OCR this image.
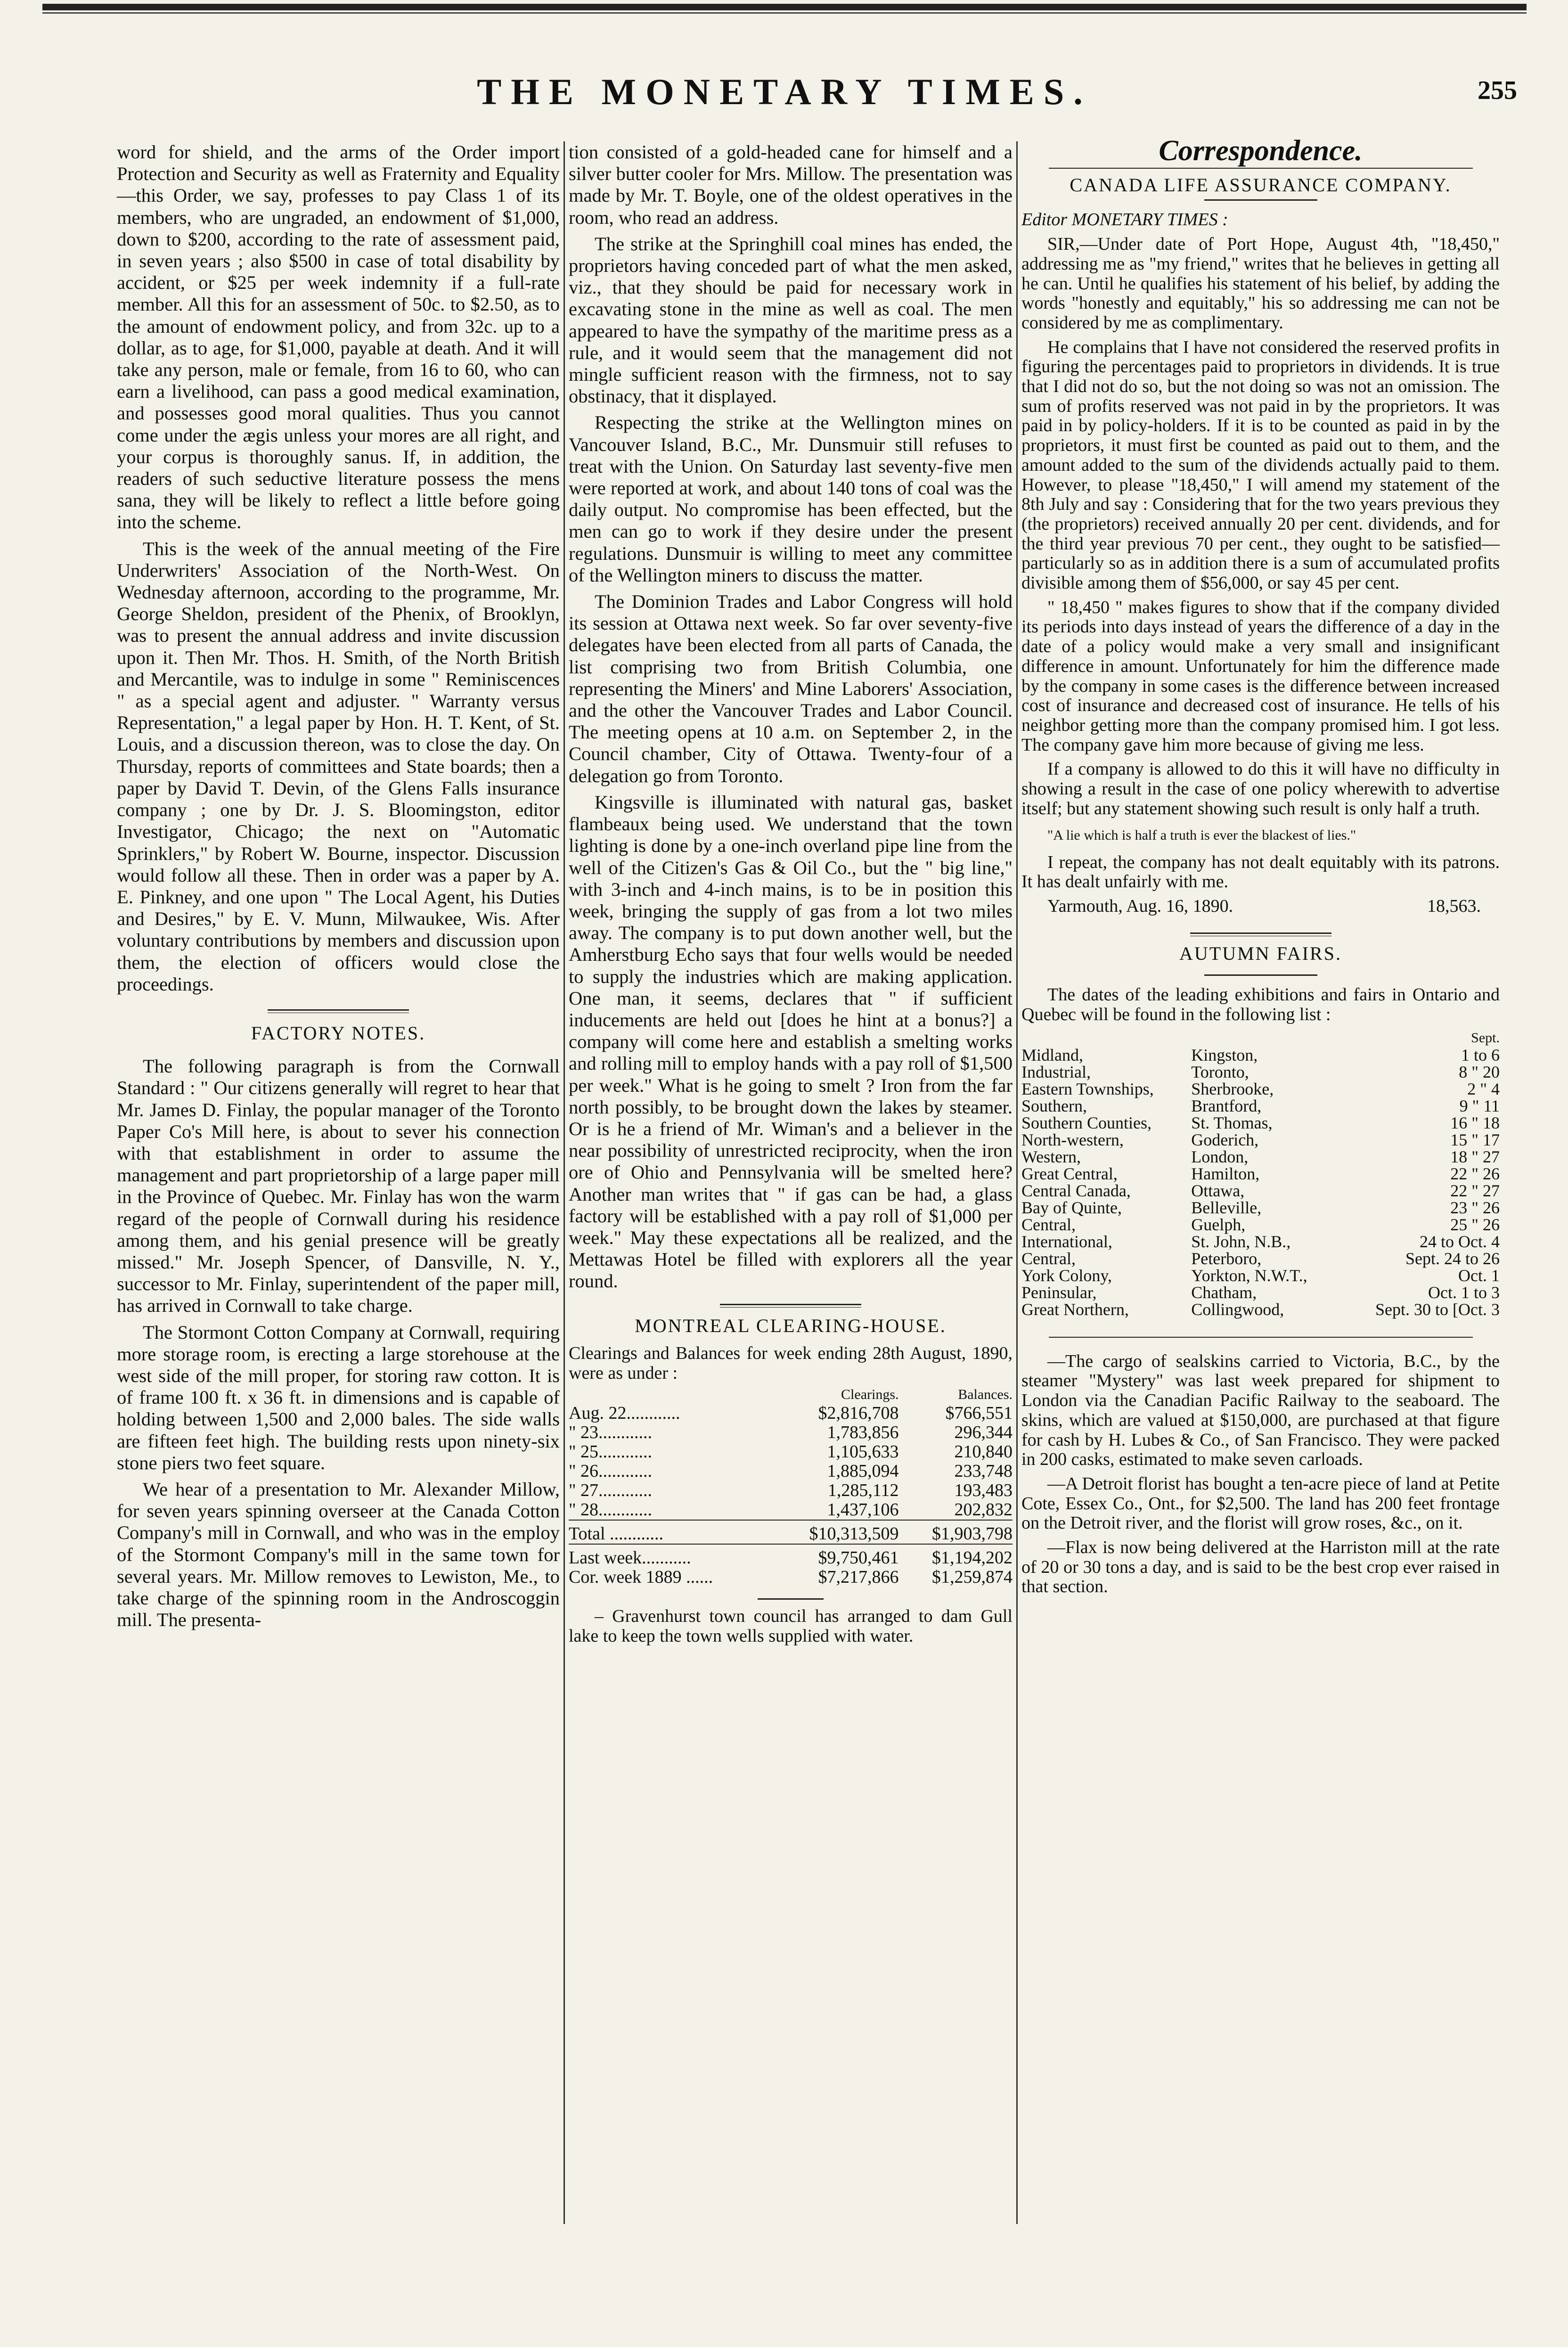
THE MONETARY TIMES.	255

word for shield, and the arms of the Order import Protection and Security as well as Fraternity and Equality—this Order, we say, professes to pay Class 1 of its members, who are ungraded, an endowment of $1,000, down to $200, according to the rate of assessment paid, in seven years ; also $500 in case of total disability by accident, or $25 per week indemnity if a full-rate member. All this for an assessment of 50c. to $2.50, as to the amount of endowment policy, and from 32c. up to a dollar, as to age, for $1,000, payable at death. And it will take any person, male or female, from 16 to 60, who can earn a livelihood, can pass a good medical examination, and possesses good moral qualities. Thus you cannot come under the ægis unless your mores are all right, and your corpus is thoroughly sanus. If, in addition, the readers of such seductive literature possess the mens sana, they will be likely to reflect a little before going into the scheme.

This is the week of the annual meeting of the Fire Underwriters' Association of the North-West. On Wednesday afternoon, according to the programme, Mr. George Sheldon, president of the Phenix, of Brooklyn, was to present the annual address and invite discussion upon it. Then Mr. Thos. H. Smith, of the North British and Mercantile, was to indulge in some " Reminiscences " as a special agent and adjuster. " Warranty versus Representation," a legal paper by Hon. H. T. Kent, of St. Louis, and a discussion thereon, was to close the day. On Thursday, reports of committees and State boards; then a paper by David T. Devin, of the Glens Falls insurance company ; one by Dr. J. S. Bloomingston, editor Investigator, Chicago; the next on "Automatic Sprinklers," by Robert W. Bourne, inspector. Discussion would follow all these. Then in order was a paper by A. E. Pinkney, and one upon " The Local Agent, his Duties and Desires," by E. V. Munn, Milwaukee, Wis. After voluntary contributions by members and discussion upon them, the election of officers would close the proceedings.

FACTORY NOTES.

The following paragraph is from the Cornwall Standard : " Our citizens generally will regret to hear that Mr. James D. Finlay, the popular manager of the Toronto Paper Co's Mill here, is about to sever his connection with that establishment in order to assume the management and part proprietorship of a large paper mill in the Province of Quebec. Mr. Finlay has won the warm regard of the people of Cornwall during his residence among them, and his genial presence will be greatly missed." Mr. Joseph Spencer, of Dansville, N. Y., successor to Mr. Finlay, superintendent of the paper mill, has arrived in Cornwall to take charge.

The Stormont Cotton Company at Cornwall, requiring more storage room, is erecting a large storehouse at the west side of the mill proper, for storing raw cotton. It is of frame 100 ft. x 36 ft. in dimensions and is capable of holding between 1,500 and 2,000 bales. The side walls are fifteen feet high. The building rests upon ninety-six stone piers two feet square.

We hear of a presentation to Mr. Alexander Millow, for seven years spinning overseer at the Canada Cotton Company's mill in Cornwall, and who was in the employ of the Stormont Company's mill in the same town for several years. Mr. Millow removes to Lewiston, Me., to take charge of the spinning room in the Androscoggin mill. The presenta-

tion consisted of a gold-headed cane for himself and a silver butter cooler for Mrs. Millow. The presentation was made by Mr. T. Boyle, one of the oldest operatives in the room, who read an address.

The strike at the Springhill coal mines has ended, the proprietors having conceded part of what the men asked, viz., that they should be paid for necessary work in excavating stone in the mine as well as coal. The men appeared to have the sympathy of the maritime press as a rule, and it would seem that the management did not mingle sufficient reason with the firmness, not to say obstinacy, that it displayed.

Respecting the strike at the Wellington mines on Vancouver Island, B.C., Mr. Dunsmuir still refuses to treat with the Union. On Saturday last seventy-five men were reported at work, and about 140 tons of coal was the daily output. No compromise has been effected, but the men can go to work if they desire under the present regulations. Dunsmuir is willing to meet any committee of the Wellington miners to discuss the matter.

The Dominion Trades and Labor Congress will hold its session at Ottawa next week. So far over seventy-five delegates have been elected from all parts of Canada, the list comprising two from British Columbia, one representing the Miners' and Mine Laborers' Association, and the other the Vancouver Trades and Labor Council. The meeting opens at 10 a.m. on September 2, in the Council chamber, City of Ottawa. Twenty-four of a delegation go from Toronto.

Kingsville is illuminated with natural gas, basket flambeaux being used. We understand that the town lighting is done by a one-inch overland pipe line from the well of the Citizen's Gas & Oil Co., but the " big line," with 3-inch and 4-inch mains, is to be in position this week, bringing the supply of gas from a lot two miles away. The company is to put down another well, but the Amherstburg Echo says that four wells would be needed to supply the industries which are making application. One man, it seems, declares that " if sufficient inducements are held out [does he hint at a bonus?] a company will come here and establish a smelting works and rolling mill to employ hands with a pay roll of $1,500 per week." What is he going to smelt ? Iron from the far north possibly, to be brought down the lakes by steamer. Or is he a friend of Mr. Wiman's and a believer in the near possibility of unrestricted reciprocity, when the iron ore of Ohio and Pennsylvania will be smelted here? Another man writes that " if gas can be had, a glass factory will be established with a pay roll of $1,000 per week." May these expectations all be realized, and the Mettawas Hotel be filled with explorers all the year round.

MONTREAL CLEARING-HOUSE.
Clearings and Balances for week ending 28th August, 1890, were as under :
	Clearings.	Balances.
Aug. 22............	$2,816,708	$766,551
" 23............	1,783,856	296,344
" 25............	1,105,633	210,840
" 26............	1,885,094	233,748
" 27............	1,285,112	193,483
" 28............	1,437,106	202,832
Total ............	$10,313,509	$1,903,798
Last week...........	$9,750,461	$1,194,202
Cor. week 1889 ......	$7,217,866	$1,259,874

– Gravenhurst town council has arranged to dam Gull lake to keep the town wells supplied with water.

Correspondence.
CANADA LIFE ASSURANCE COMPANY.

Editor MONETARY TIMES :

SIR,—Under date of Port Hope, August 4th, "18,450," addressing me as "my friend," writes that he believes in getting all he can. Until he qualifies his statement of his belief, by adding the words "honestly and equitably," his so addressing me can not be considered by me as complimentary.

He complains that I have not considered the reserved profits in figuring the percentages paid to proprietors in dividends. It is true that I did not do so, but the not doing so was not an omission. The sum of profits reserved was not paid in by the proprietors. It was paid in by policy-holders. If it is to be counted as paid in by the proprietors, it must first be counted as paid out to them, and the amount added to the sum of the dividends actually paid to them. However, to please "18,450," I will amend my statement of the 8th July and say : Considering that for the two years previous they (the proprietors) received annually 20 per cent. dividends, and for the third year previous 70 per cent., they ought to be satisfied—particularly so as in addition there is a sum of accumulated profits divisible among them of $56,000, or say 45 per cent.

" 18,450 " makes figures to show that if the company divided its periods into days instead of years the difference of a day in the date of a policy would make a very small and insignificant difference in amount. Unfortunately for him the difference made by the company in some cases is the difference between increased cost of insurance and decreased cost of insurance. He tells of his neighbor getting more than the company promised him. I got less. The company gave him more because of giving me less.

If a company is allowed to do this it will have no difficulty in showing a result in the case of one policy wherewith to advertise itself; but any statement showing such result is only half a truth.

"A lie which is half a truth is ever the blackest of lies."

I repeat, the company has not dealt equitably with its patrons. It has dealt unfairly with me.

Yarmouth, Aug. 16, 1890.	18,563.
AUTUMN FAIRS.

The dates of the leading exhibitions and fairs in Ontario and Quebec will be found in the following list :

		Sept.
Midland,	Kingston,	1 to 6
Industrial,	Toronto,	8 " 20
Eastern Townships,	Sherbrooke,	2 " 4
Southern,	Brantford,	9 " 11
Southern Counties,	St. Thomas,	16 " 18
North-western,	Goderich,	15 " 17
Western,	London,	18 " 27
Great Central,	Hamilton,	22 " 26
Central Canada,	Ottawa,	22 " 27
Bay of Quinte,	Belleville,	23 " 26
Central,	Guelph,	25 " 26
International,	St. John, N.B.,	24 to Oct. 4
Central,	Peterboro,	Sept. 24 to 26
York Colony,	Yorkton, N.W.T.,	Oct. 1
Peninsular,	Chatham,	Oct. 1 to 3
Great Northern,	Collingwood,	Sept. 30 to [Oct. 3

—The cargo of sealskins carried to Victoria, B.C., by the steamer "Mystery" was last week prepared for shipment to London via the Canadian Pacific Railway to the seaboard. The skins, which are valued at $150,000, are purchased at that figure for cash by H. Lubes & Co., of San Francisco. They were packed in 200 casks, estimated to make seven carloads.

—A Detroit florist has bought a ten-acre piece of land at Petite Cote, Essex Co., Ont., for $2,500. The land has 200 feet frontage on the Detroit river, and the florist will grow roses, &c., on it.

—Flax is now being delivered at the Harriston mill at the rate of 20 or 30 tons a day, and is said to be the best crop ever raised in that section.
